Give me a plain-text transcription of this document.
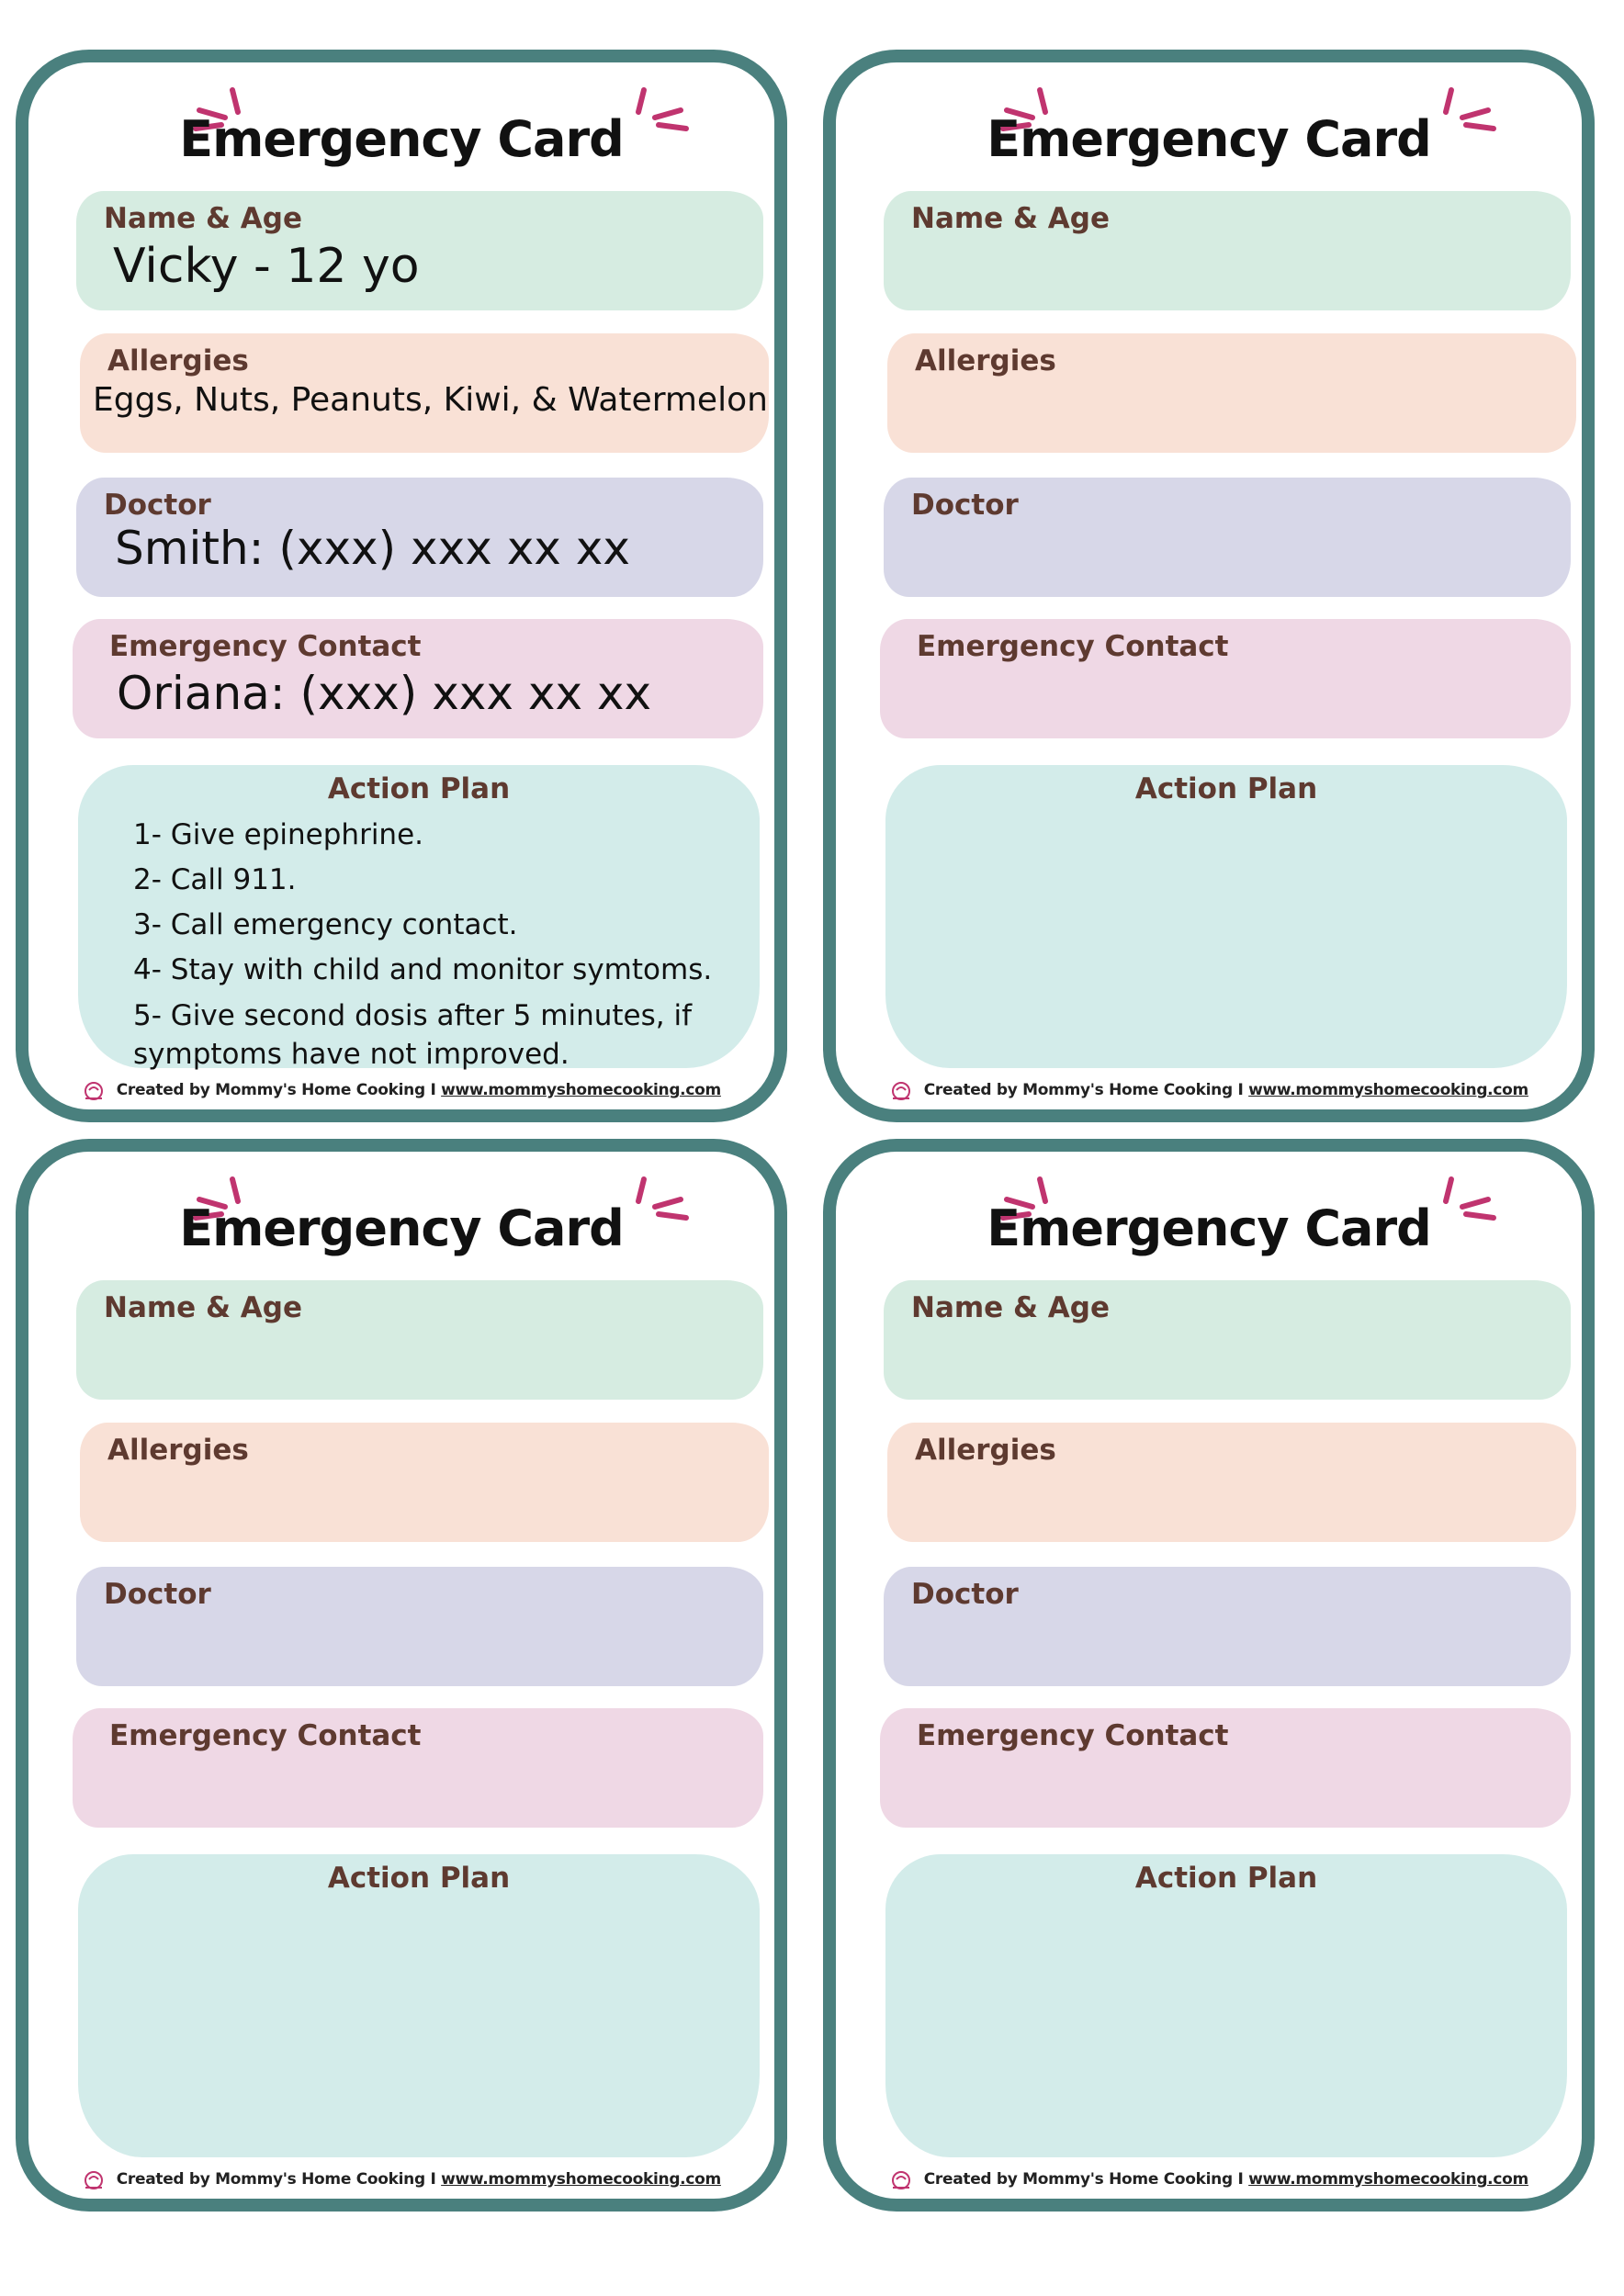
Emergency Card

Name & Age

Vicky - 12 yo

Allergies

Eggs, Nuts, Peanuts, Kiwi, & Watermelon

Doctor

Smith: (xxx) xxx xx xx

Emergency Contact

Oriana: (xxx) xxx xx xx

Action Plan

1- Give epinephrine.
2- Call 911.
3- Call emergency contact.
4- Stay with child and monitor symtoms.
5- Give second dosis after 5 minutes, if symptoms have not improved.
Created by Mommy's Home Cooking I www.mommyshomecooking.com
Emergency Card

Name & Age

Allergies

Doctor

Emergency Contact

Action Plan

Created by Mommy's Home Cooking I www.mommyshomecooking.com
Emergency Card

Name & Age

Allergies

Doctor

Emergency Contact

Action Plan

Created by Mommy's Home Cooking I www.mommyshomecooking.com
Emergency Card

Name & Age

Allergies

Doctor

Emergency Contact

Action Plan

Created by Mommy's Home Cooking I www.mommyshomecooking.com
